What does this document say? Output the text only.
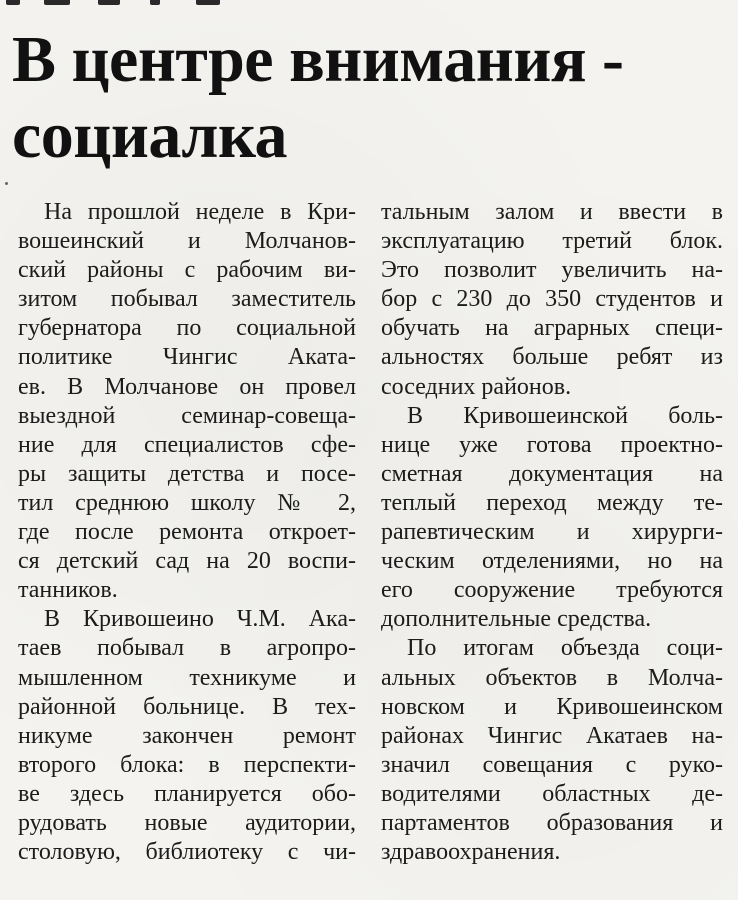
В центре внимания -
социалка
На прошлой неделе в Кри-
вошеинский и Молчанов-
ский районы с рабочим ви-
зитом побывал заместитель
губернатора по социальной
политике Чингис Аката-
ев. В Молчанове он провел
выездной семинар-совеща-
ние для специалистов сфе-
ры защиты детства и посе-
тил среднюю школу № 2,
где после ремонта откроет-
ся детский сад на 20 воспи-
танников.
В Кривошеино Ч.М. Ака-
таев побывал в агропро-
мышленном техникуме и
районной больнице. В тех-
никуме закончен ремонт
второго блока: в перспекти-
ве здесь планируется обо-
рудовать новые аудитории,
столовую, библиотеку с чи-
тальным залом и ввести в
эксплуатацию третий блок.
Это позволит увеличить на-
бор с 230 до 350 студентов и
обучать на аграрных специ-
альностях больше ребят из
соседних районов.
В Кривошеинской боль-
нице уже готова проектно-
сметная документация на
теплый переход между те-
рапевтическим и хирурги-
ческим отделениями, но на
его сооружение требуются
дополнительные средства.
По итогам объезда соци-
альных объектов в Молча-
новском и Кривошеинском
районах Чингис Акатаев на-
значил совещания с руко-
водителями областных де-
партаментов образования и
здравоохранения.
